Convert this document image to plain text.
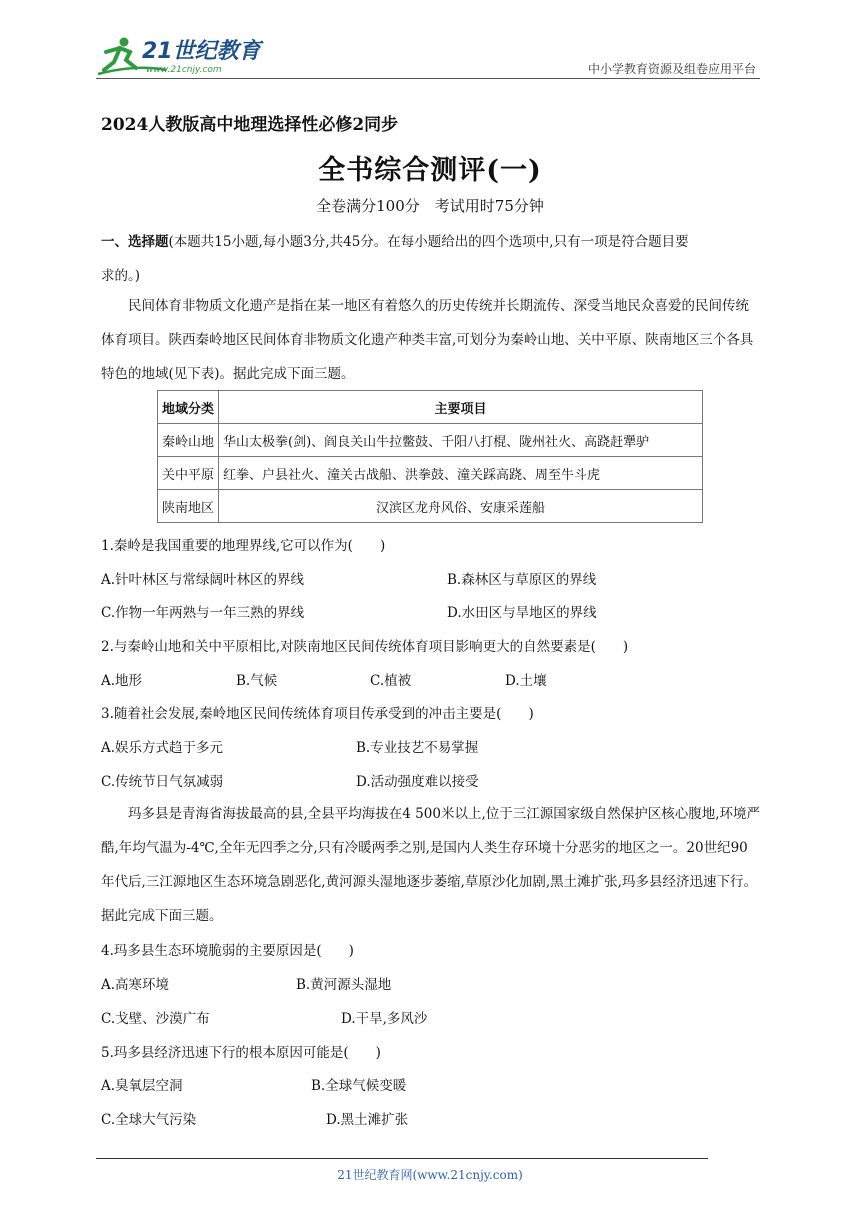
21世纪教育
www.21cnjy.com	中小学教育资源及组卷应用平台
2024人教版高中地理选择性必修2同步
全书综合测评(一)
全卷满分100分　考试用时75分钟
一、选择题(本题共15小题,每小题3分,共45分。在每小题给出的四个选项中,只有一项是符合题目要
求的。)
民间体育非物质文化遗产是指在某一地区有着悠久的历史传统并长期流传、深受当地民众喜爱的民间传统体育项目。陕西秦岭地区民间体育非物质文化遗产种类丰富,可划分为秦岭山地、关中平原、陕南地区三个各具特色的地域(见下表)。据此完成下面三题。
地域分类	主要项目
秦岭山地	华山太极拳(剑)、阎良关山牛拉鳖鼓、千阳八打棍、陇州社火、高跷赶犟驴
关中平原	红拳、户县社火、潼关古战船、洪拳鼓、潼关踩高跷、周至牛斗虎
陕南地区	汉滨区龙舟风俗、安康采莲船
1.秦岭是我国重要的地理界线,它可以作为(　　)
A.针叶林区与常绿阔叶林区的界线	B.森林区与草原区的界线
C.作物一年两熟与一年三熟的界线	D.水田区与旱地区的界线
2.与秦岭山地和关中平原相比,对陕南地区民间传统体育项目影响更大的自然要素是(　　)
A.地形	B.气候	C.植被	D.土壤
3.随着社会发展,秦岭地区民间传统体育项目传承受到的冲击主要是(　　)
A.娱乐方式趋于多元	B.专业技艺不易掌握
C.传统节日气氛减弱	D.活动强度难以接受
玛多县是青海省海拔最高的县,全县平均海拔在4 500米以上,位于三江源国家级自然保护区核心腹地,环境严酷,年均气温为-4℃,全年无四季之分,只有冷暖两季之别,是国内人类生存环境十分恶劣的地区之一。20世纪90年代后,三江源地区生态环境急剧恶化,黄河源头湿地逐步萎缩,草原沙化加剧,黑土滩扩张,玛多县经济迅速下行。据此完成下面三题。
4.玛多县生态环境脆弱的主要原因是(　　)
A.高寒环境	B.黄河源头湿地
C.戈壁、沙漠广布	D.干旱,多风沙
5.玛多县经济迅速下行的根本原因可能是(　　)
A.臭氧层空洞	B.全球气候变暖
C.全球大气污染	D.黑土滩扩张
21世纪教育网(www.21cnjy.com)
